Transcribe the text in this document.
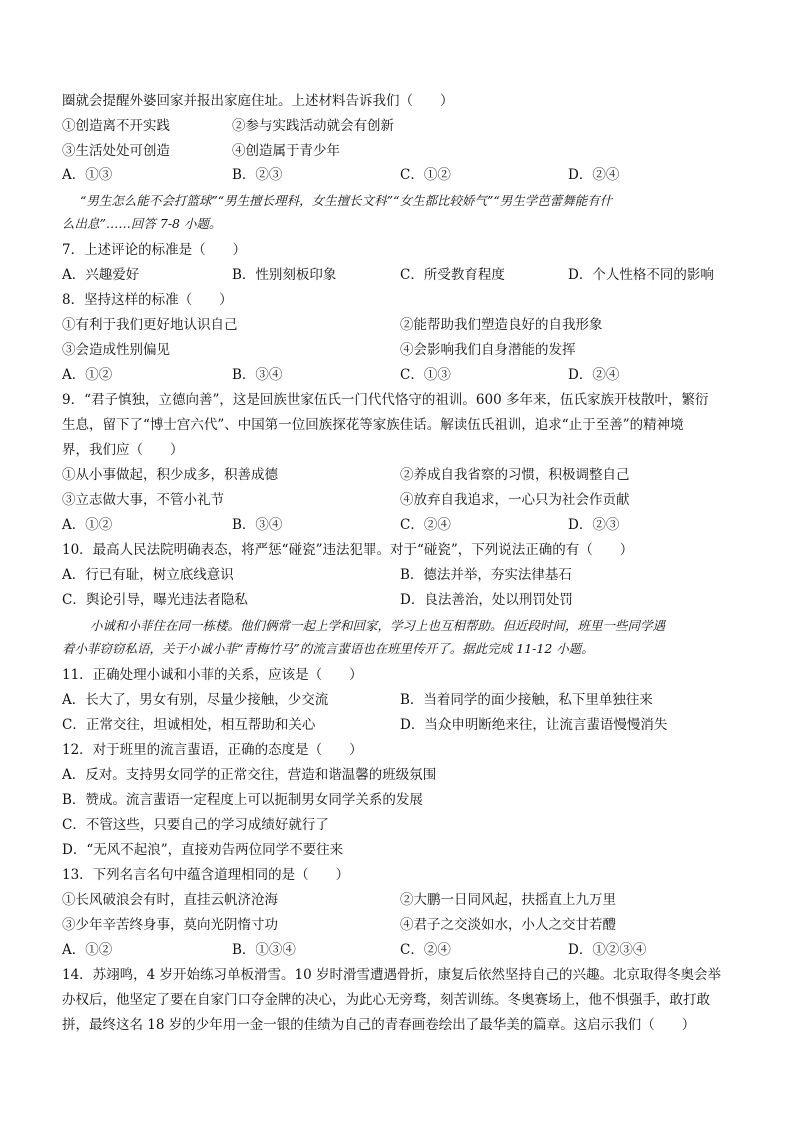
圈就会提醒外婆回家并报出家庭住址。上述材料告诉我们（　　）
①创造离不开实践	②参与实践活动就会有创新
③生活处处可创造	④创造属于青少年
A．①③	B．②③	C．①②	D．②④
“男生怎么能不会打篮球”“男生擅长理科，女生擅长文科”“女生都比较娇气”“男生学芭蕾舞能有什
么出息”……回答 7-8 小题。
7．上述评论的标准是（　　）
A．兴趣爱好	B．性别刻板印象	C．所受教育程度	D．个人性格不同的影响
8．坚持这样的标准（　　）
①有利于我们更好地认识自己	②能帮助我们塑造良好的自我形象
③会造成性别偏见	④会影响我们自身潜能的发挥
A．①②	B．③④	C．①③	D．②④
9．“君子慎独，立德向善”，这是回族世家伍氏一门代代恪守的祖训。600 多年来，伍氏家族开枝散叶，繁衍
生息，留下了“博士宫六代”、中国第一位回族探花等家族佳话。解读伍氏祖训，追求“止于至善”的精神境
界，我们应（　　）
①从小事做起，积少成多，积善成德	②养成自我省察的习惯，积极调整自己
③立志做大事，不管小礼节	④放弃自我追求，一心只为社会作贡献
A．①②	B．③④	C．②④	D．②③
10．最高人民法院明确表态，将严惩“碰瓷”违法犯罪。对于“碰瓷”，下列说法正确的有（　　）
A．行已有耻，树立底线意识	B．德法并举，夯实法律基石
C．舆论引导，曝光违法者隐私	D．良法善治，处以刑罚处罚
小诚和小菲住在同一栋楼。他们俩常一起上学和回家，学习上也互相帮助。但近段时间，班里一些同学遇
着小菲窃窃私语，关于小诚小菲“青梅竹马”的流言蜚语也在班里传开了。据此完成 11-12 小题。
11．正确处理小诚和小菲的关系，应该是（　　）
A．长大了，男女有别，尽量少接触，少交流	B．当着同学的面少接触，私下里单独往来
C．正常交往，坦诚相处，相互帮助和关心	D．当众申明断绝来往，让流言蜚语慢慢消失
12．对于班里的流言蜚语，正确的态度是（　　）
A．反对。支持男女同学的正常交往，营造和谐温馨的班级氛围
B．赞成。流言蜚语一定程度上可以扼制男女同学关系的发展
C．不管这些，只要自己的学习成绩好就行了
D．“无风不起浪”，直接劝告两位同学不要往来
13．下列名言名句中蕴含道理相同的是（　　）
①长风破浪会有时，直挂云帆济沧海	②大鹏一日同风起，扶摇直上九万里
③少年辛苦终身事，莫向光阴惰寸功	④君子之交淡如水，小人之交甘若醴
A．①②	B．①③④	C．②④	D．①②③④
14．苏翊鸣，4 岁开始练习单板滑雪。10 岁时滑雪遭遇骨折，康复后依然坚持自己的兴趣。北京取得冬奥会举
办权后，他坚定了要在自家门口夺金牌的决心，为此心无旁骛，刻苦训练。冬奥赛场上，他不惧强手，敢打敢
拼，最终这名 18 岁的少年用一金一银的佳绩为自己的青春画卷绘出了最华美的篇章。这启示我们（　　）
